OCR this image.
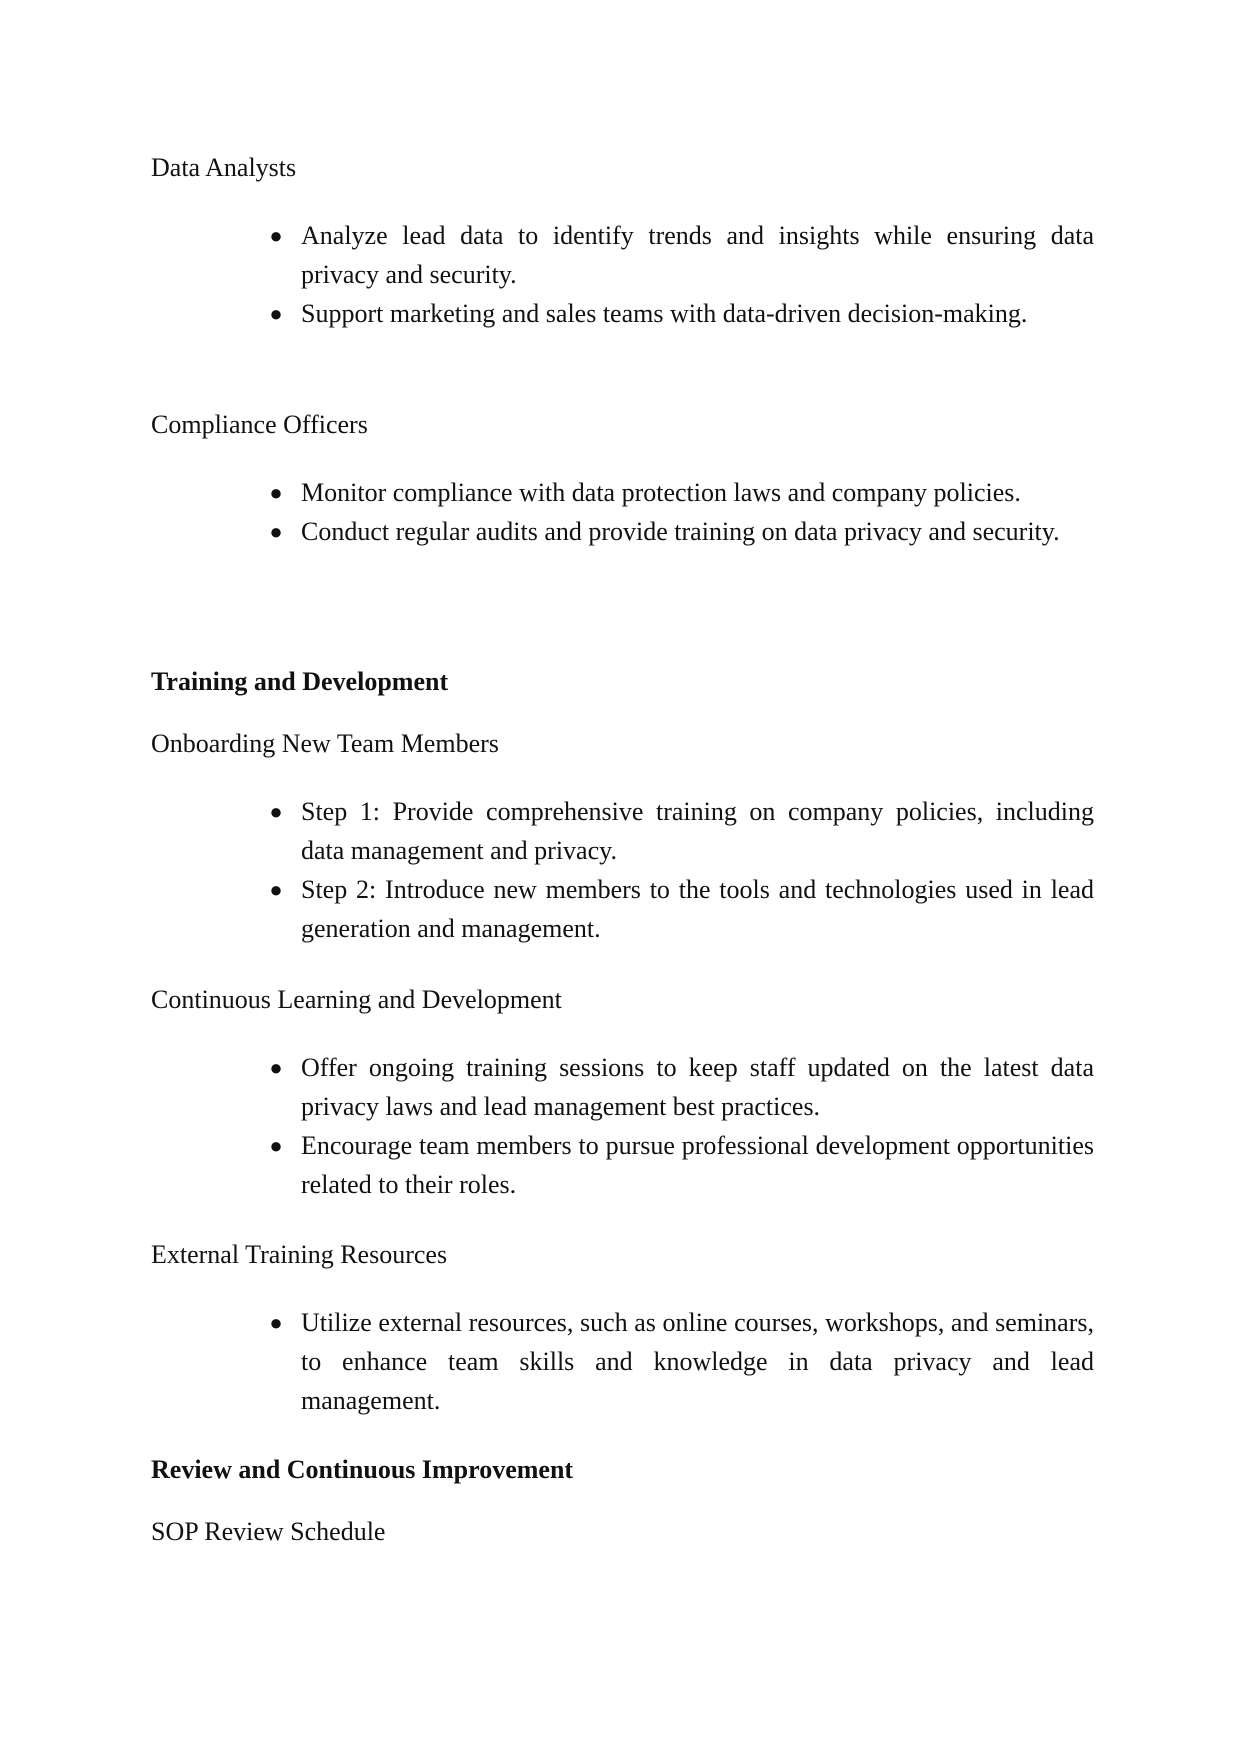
Data Analysts
● Analyze lead data to identify trends and insights while ensuring data privacy and security.
● Support marketing and sales teams with data-driven decision-making.
Compliance Officers
● Monitor compliance with data protection laws and company policies.
● Conduct regular audits and provide training on data privacy and security.
Training and Development
Onboarding New Team Members
● Step 1: Provide comprehensive training on company policies, including data management and privacy.
● Step 2: Introduce new members to the tools and technologies used in lead generation and management.
Continuous Learning and Development
● Offer ongoing training sessions to keep staff updated on the latest data privacy laws and lead management best practices.
● Encourage team members to pursue professional development opportunities related to their roles.
External Training Resources
● Utilize external resources, such as online courses, workshops, and seminars, to enhance team skills and knowledge in data privacy and lead management.
Review and Continuous Improvement
SOP Review Schedule
